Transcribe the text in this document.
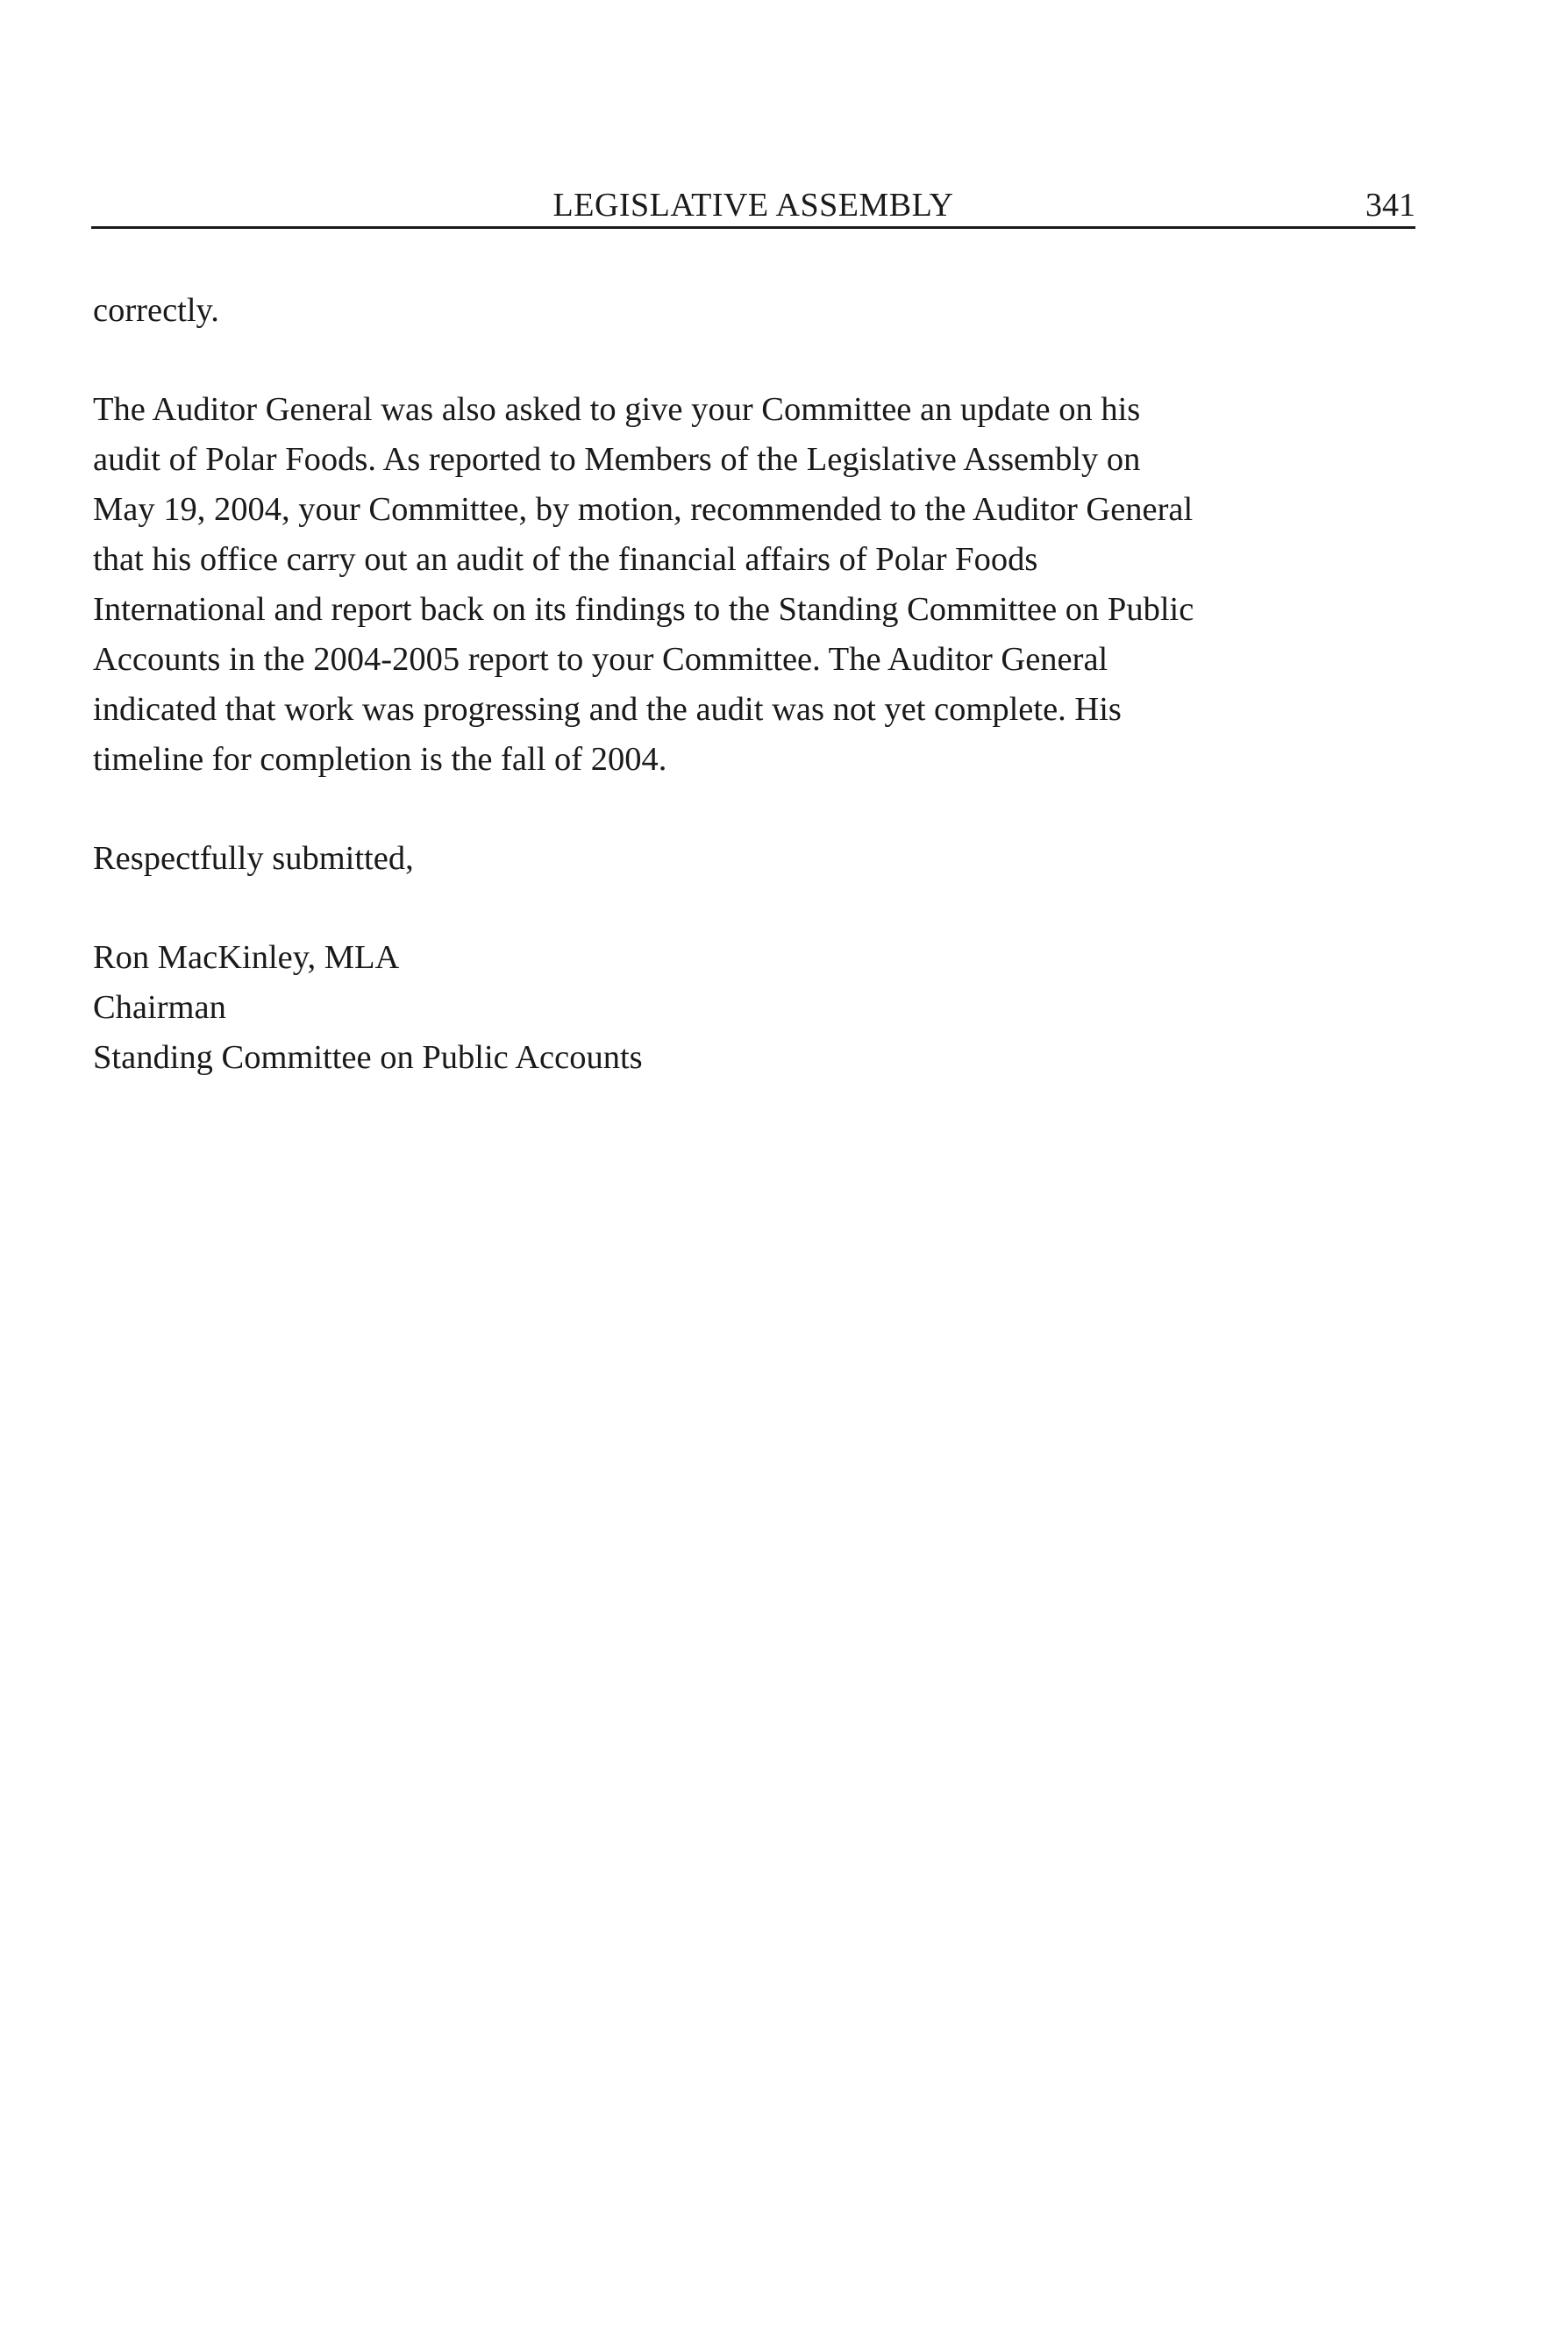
LEGISLATIVE ASSEMBLY	341

correctly.

The Auditor General was also asked to give your Committee an update on his
audit of Polar Foods. As reported to Members of the Legislative Assembly on
May 19, 2004, your Committee, by motion, recommended to the Auditor General
that his office carry out an audit of the financial affairs of Polar Foods
International and report back on its findings to the Standing Committee on Public
Accounts in the 2004-2005 report to your Committee. The Auditor General
indicated that work was progressing and the audit was not yet complete. His
timeline for completion is the fall of 2004.

Respectfully submitted,

Ron MacKinley, MLA
Chairman
Standing Committee on Public Accounts
